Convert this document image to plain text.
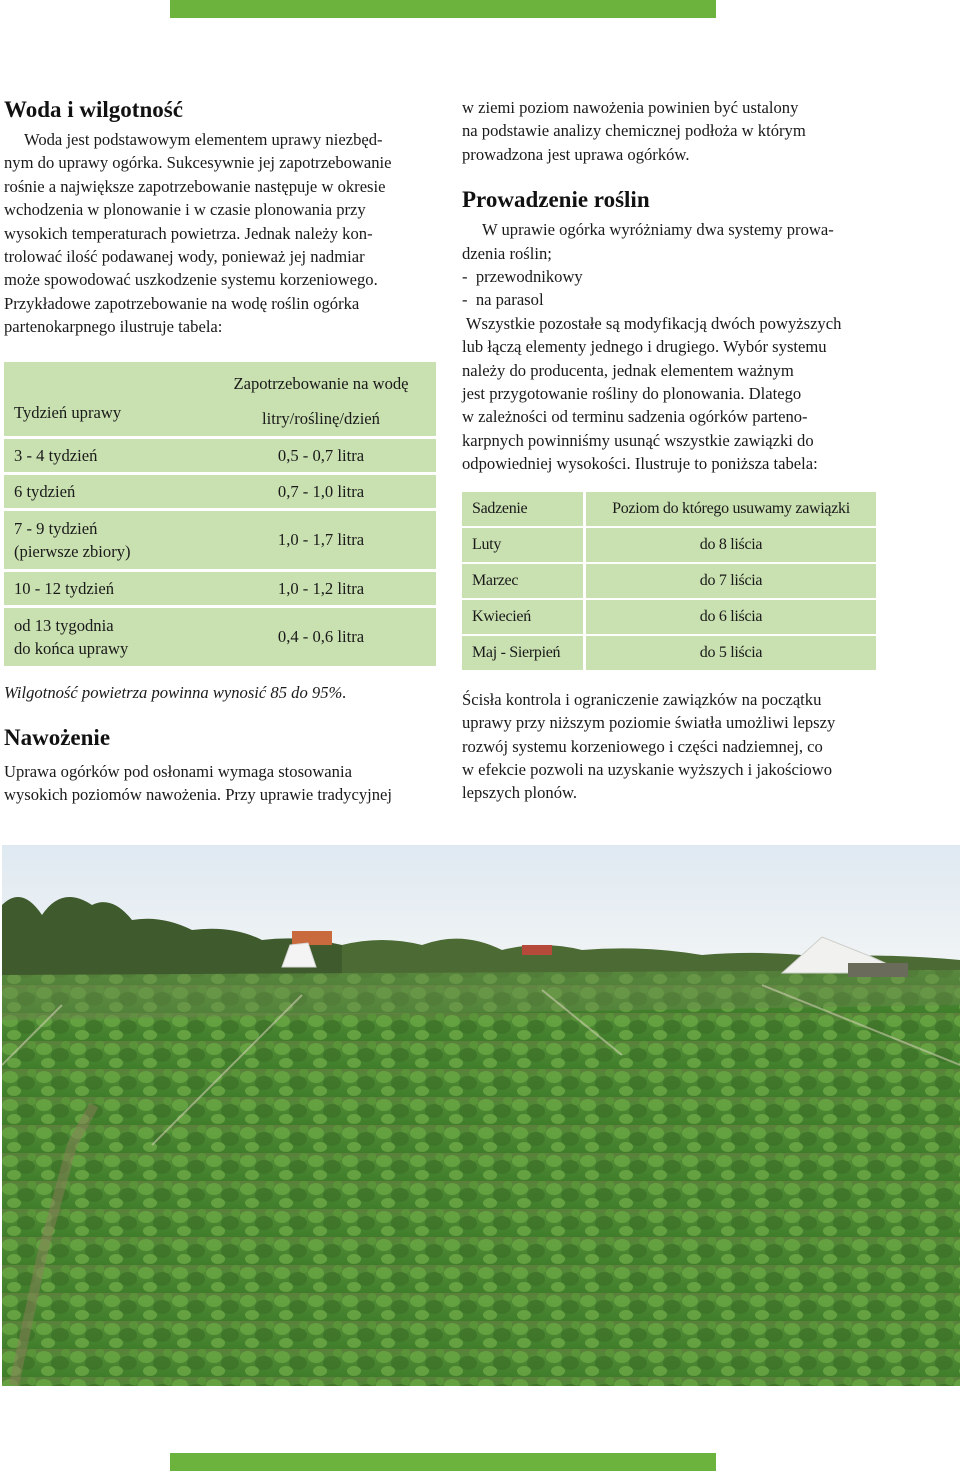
Woda i wilgotność
Woda jest podstawowym elementem uprawy niezbęd-
nym do uprawy ogórka. Sukcesywnie jej zapotrzebowanie
rośnie a największe zapotrzebowanie następuje w okresie
wchodzenia w plonowanie i w czasie plonowania przy
wysokich temperaturach powietrza. Jednak należy kon-
trolować ilość podawanej wody, ponieważ jej nadmiar
może spowodować uszkodzenie systemu korzeniowego.
Przykładowe zapotrzebowanie na wodę roślin ogórka
partenokarpnego ilustruje tabela:
Tydzień uprawy	Zapotrzebowanie na wodę
litry/roślinę/dzień

3 - 4 tydzień	0,5 - 0,7 litra
6 tydzień	0,7 - 1,0 litra

7 - 9 tydzień
(pierwsze zbiory)	1,0 - 1,7 litra
10 - 12 tydzień	1,0 - 1,2 litra

od 13 tygodnia
do końca uprawy	0,4 - 0,6 litra
Wilgotność powietrza powinna wynosić 85 do 95%.
Nawożenie
Uprawa ogórków pod osłonami wymaga stosowania
wysokich poziomów nawożenia. Przy uprawie tradycyjnej
w ziemi poziom nawożenia powinien być ustalony
na podstawie analizy chemicznej podłoża w którym
prowadzona jest uprawa ogórków.
Prowadzenie roślin
W uprawie ogórka wyróżniamy dwa systemy prowa-
dzenia roślin;
-  przewodnikowy
-  na parasol
Wszystkie pozostałe są modyfikacją dwóch powyższych
lub łączą elementy jednego i drugiego. Wybór systemu
należy do producenta, jednak elementem ważnym
jest przygotowanie rośliny do plonowania. Dlatego
w zależności od terminu sadzenia ogórków parteno-
karpnych powinniśmy usunąć wszystkie zawiązki do
odpowiedniej wysokości. Ilustruje to poniższa tabela:
Sadzenie	Poziom do którego usuwamy zawiązki
Luty	do 8 liścia
Marzec	do 7 liścia
Kwiecień	do 6 liścia
Maj - Sierpień	do 5 liścia
Ścisła kontrola i ograniczenie zawiązków na początku
uprawy przy niższym poziomie światła umożliwi lepszy
rozwój systemu korzeniowego i części nadziemnej, co
w efekcie pozwoli na uzyskanie wyższych i jakościowo
lepszych plonów.
